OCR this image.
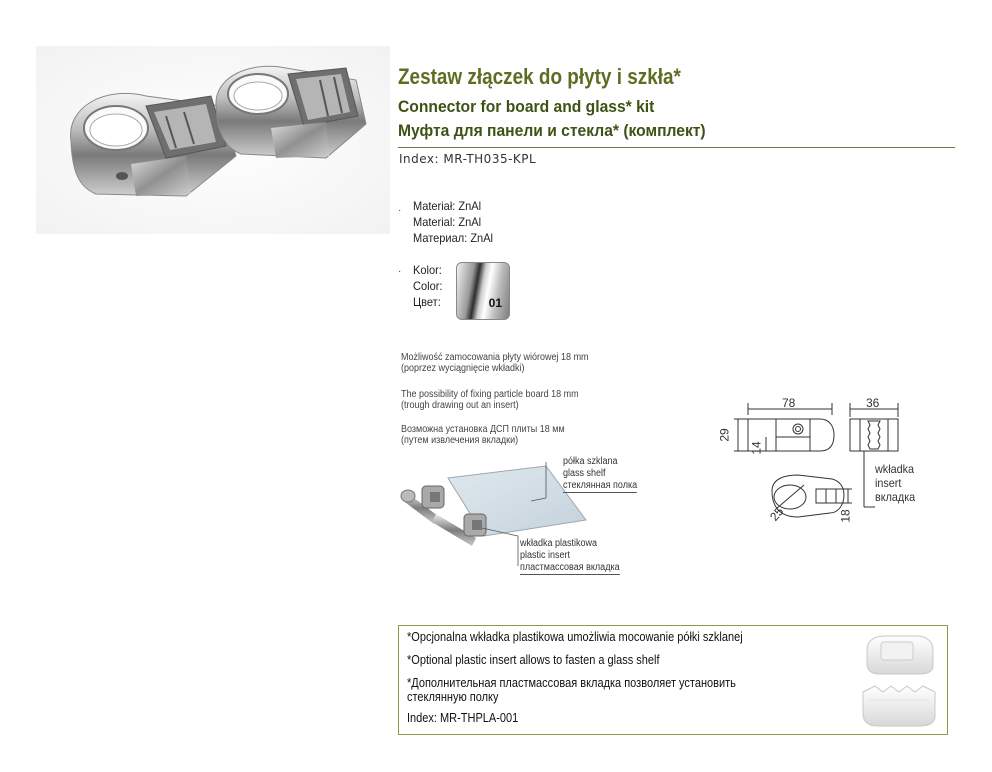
Zestaw złączek do płyty i szkła*
Connector for board and glass* kit
Муфта для панели и стекла* (комплект)
Index: MR-TH035-KPL
· Materiał: ZnAl
Material: ZnAl
Материал: ZnAl
· Kolor:
Color:
Цвет:	01
Możliwość zamocowania płyty wiórowej 18 mm
(poprzez wyciągnięcie wkładki)
The possibility of fixing particle board 18 mm
(trough drawing out an insert)
Возможна установка ДСП плиты 18 мм
(путем извлечения вкладки)
półka szklana
glass shelf
стеклянная полка
wkładka plastikowa
plastic insert
пластмассовая вкладка
78	36
29
14
25	18
wkładka
insert
вкладка
*Opcjonalna wkładka plastikowa umożliwia mocowanie półki szklanej
*Optional plastic insert allows to fasten a glass shelf
*Дополнительная пластмассовая вкладка позволяет установить
стеклянную полку
Index: MR-THPLA-001
